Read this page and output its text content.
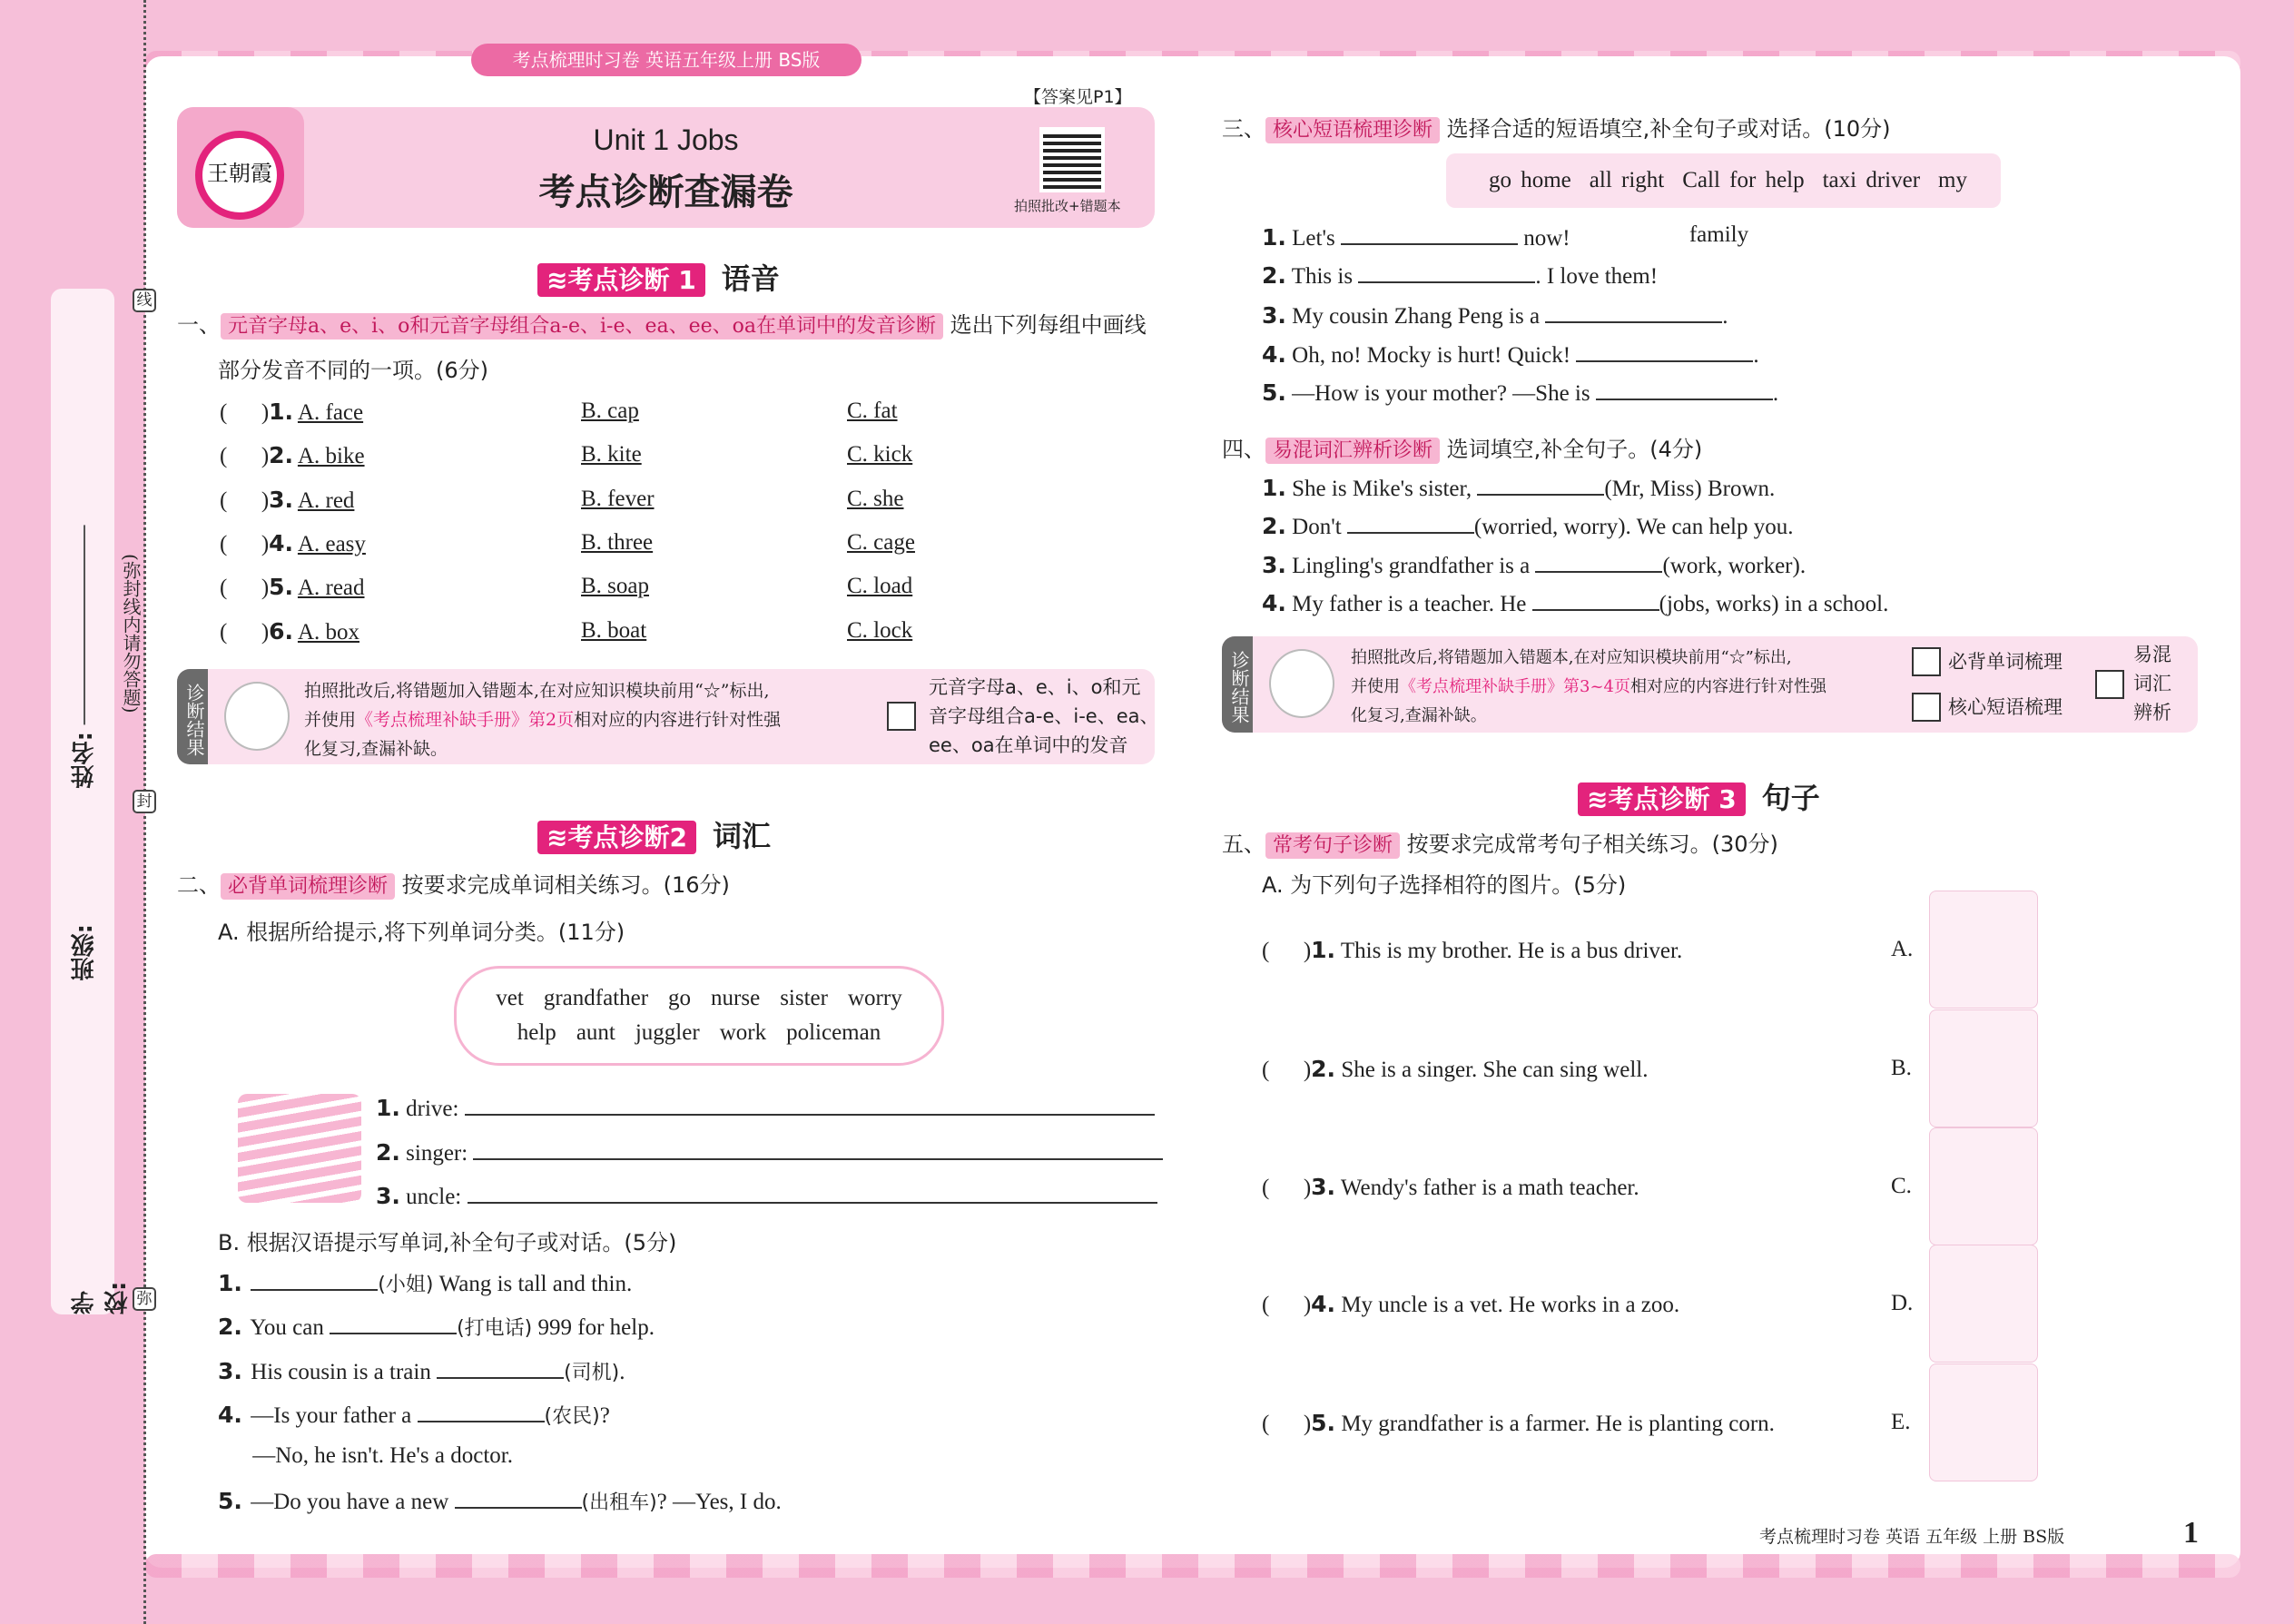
姓名:
班级:
学校:
(弥封线内请勿答题)
线
封
弥
考点梳理时习卷 英语五年级上册 BS版
【答案见P1】
王朝霞
Unit 1 Jobs
考点诊断查漏卷	拍照批改+错题本
≋考点诊断 1 语音
一、 元音字母a、e、i、o和元音字母组合a-e、i-e、ea、ee、oa在单词中的发音诊断 选出下列每组中画线
部分发音不同的一项。(6分)
(      )1. A. face	B. cap	C. fat
(      )2. A. bike	B. kite	C. kick
(      )3. A. red	B. fever	C. she
(      )4. A. easy	B. three	C. cage
(      )5. A. read	B. soap	C. load
(      )6. A. box	B. boat	C. lock
诊断结果	拍照批改后,将错题加入错题本,在对应知识模块前用“☆”标出,
并使用《考点梳理补缺手册》第2页相对应的内容进行针对性强
化复习,查漏补缺。
元音字母a、e、i、o和元
音字母组合a-e、i-e、ea、
ee、oa在单词中的发音
≋考点诊断2 词汇
二、 必背单词梳理诊断 按要求完成单词相关练习。(16分)
A. 根据所给提示,将下列单词分类。(11分)
vet grandfather go nurse sister worry
help aunt juggler work policeman
1. drive:
2. singer:
3. uncle:
B. 根据汉语提示写单词,补全句子或对话。(5分)
1.	(小姐) Wang is tall and thin.
2. You can	(打电话) 999 for help.
3. His cousin is a train	(司机).
4. —Is your father a	(农民)?
—No, he isn't. He's a doctor.
5. —Do you have a new	(出租车)? —Yes, I do.
三、 核心短语梳理诊断 选择合适的短语填空,补全句子或对话。(10分)
go home all right Call for help taxi driver my family
1. Let's	now!
2. This is	. I love them!
3. My cousin Zhang Peng is a	.
4. Oh, no! Mocky is hurt! Quick!	.
5. —How is your mother? —She is	.
四、 易混词汇辨析诊断 选词填空,补全句子。(4分)
1. She is Mike's sister,	(Mr, Miss) Brown.
2. Don't	(worried, worry). We can help you.
3. Lingling's grandfather is a	(work, worker).
4. My father is a teacher. He	(jobs, works) in a school.
诊断结果	拍照批改后,将错题加入错题本,在对应知识模块前用“☆”标出,
并使用《考点梳理补缺手册》第3~4页相对应的内容进行针对性强
化复习,查漏补缺。
必背单词梳理
核心短语梳理
易混
词汇
辨析
≋考点诊断 3 句子
五、 常考句子诊断 按要求完成常考句子相关练习。(30分)
A. 为下列句子选择相符的图片。(5分)
(      )1. This is my brother. He is a bus driver.	A.
(      )2. She is a singer. She can sing well.	B.
(      )3. Wendy's father is a math teacher.	C.
(      )4. My uncle is a vet. He works in a zoo.	D.
(      )5. My grandfather is a farmer. He is planting corn.	E.
考点梳理时习卷 英语 五年级 上册 BS版	1
